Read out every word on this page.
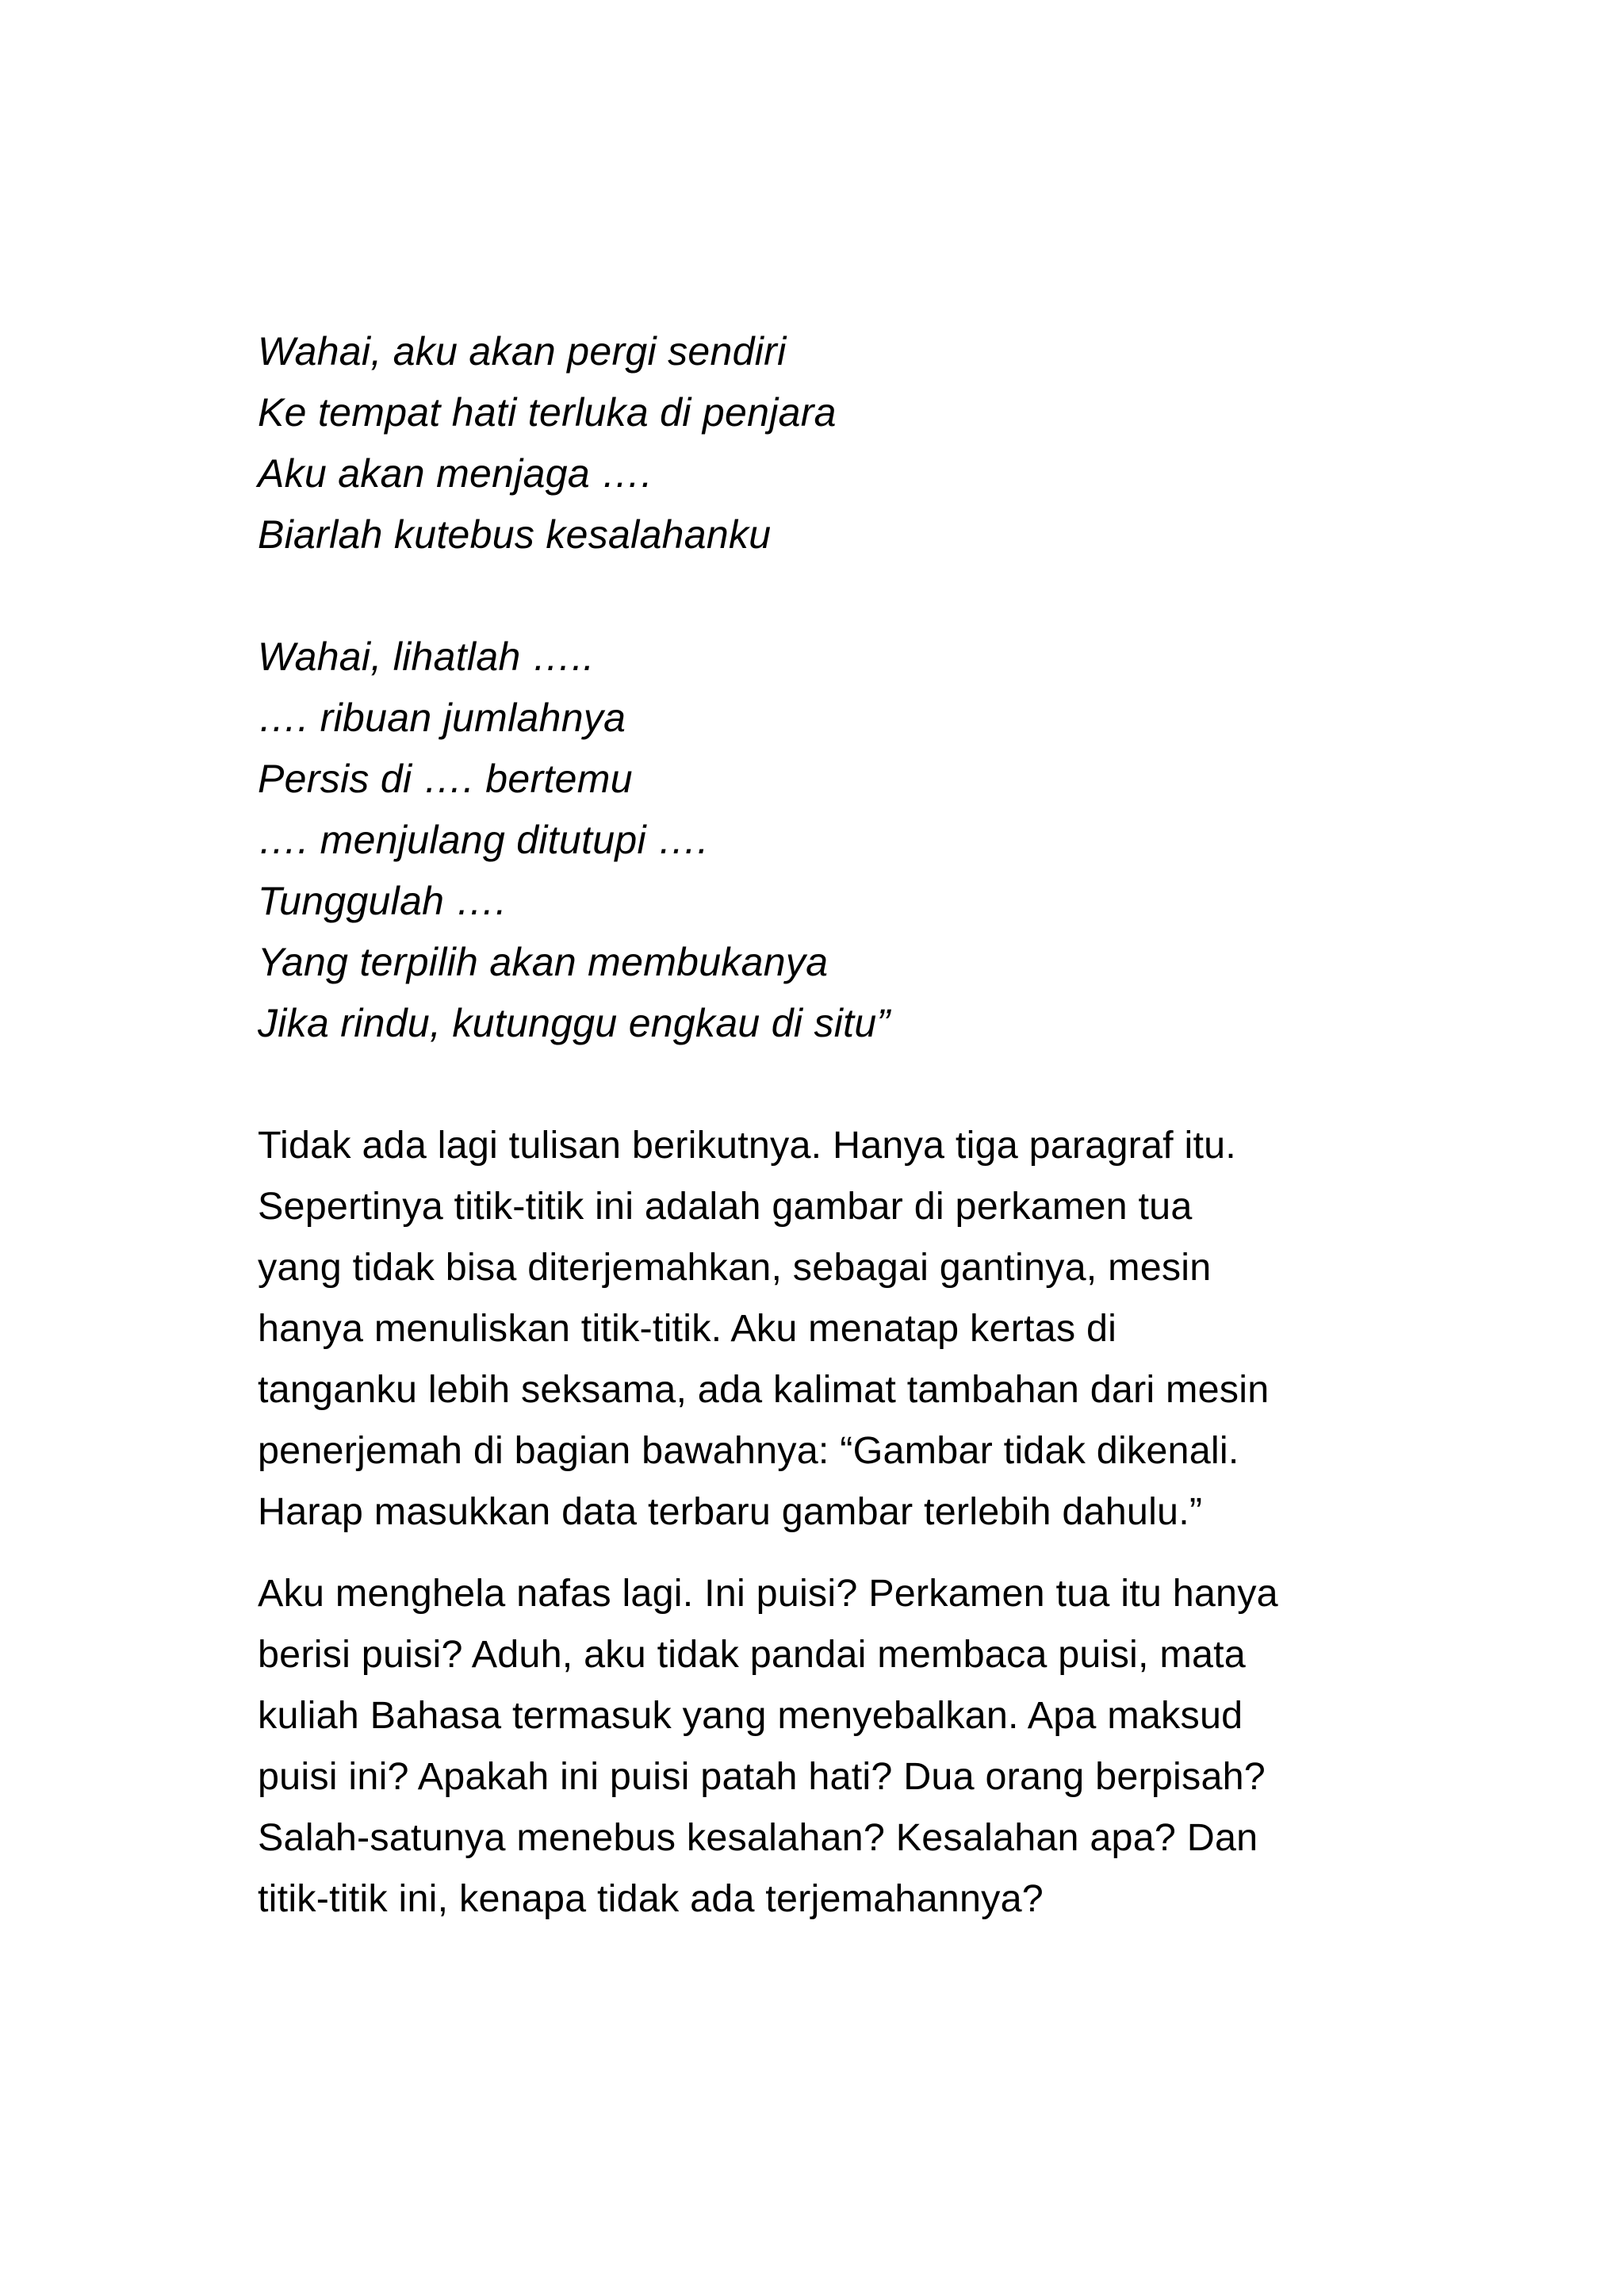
Wahai, aku akan pergi sendiri
Ke tempat hati terluka di penjara
Aku akan menjaga ….
Biarlah kutebus kesalahanku
Wahai, lihatlah …..
…. ribuan jumlahnya
Persis di …. bertemu
…. menjulang ditutupi ….
Tunggulah ….
Yang terpilih akan membukanya
Jika rindu, kutunggu engkau di situ”
Tidak ada lagi tulisan berikutnya. Hanya tiga paragraf itu.
Sepertinya titik-titik ini adalah gambar di perkamen tua
yang tidak bisa diterjemahkan, sebagai gantinya, mesin
hanya menuliskan titik-titik. Aku menatap kertas di
tanganku lebih seksama, ada kalimat tambahan dari mesin
penerjemah di bagian bawahnya: “Gambar tidak dikenali.
Harap masukkan data terbaru gambar terlebih dahulu.”
Aku menghela nafas lagi. Ini puisi? Perkamen tua itu hanya
berisi puisi? Aduh, aku tidak pandai membaca puisi, mata
kuliah Bahasa termasuk yang menyebalkan. Apa maksud
puisi ini? Apakah ini puisi patah hati? Dua orang berpisah?
Salah-satunya menebus kesalahan? Kesalahan apa? Dan
titik-titik ini, kenapa tidak ada terjemahannya?
